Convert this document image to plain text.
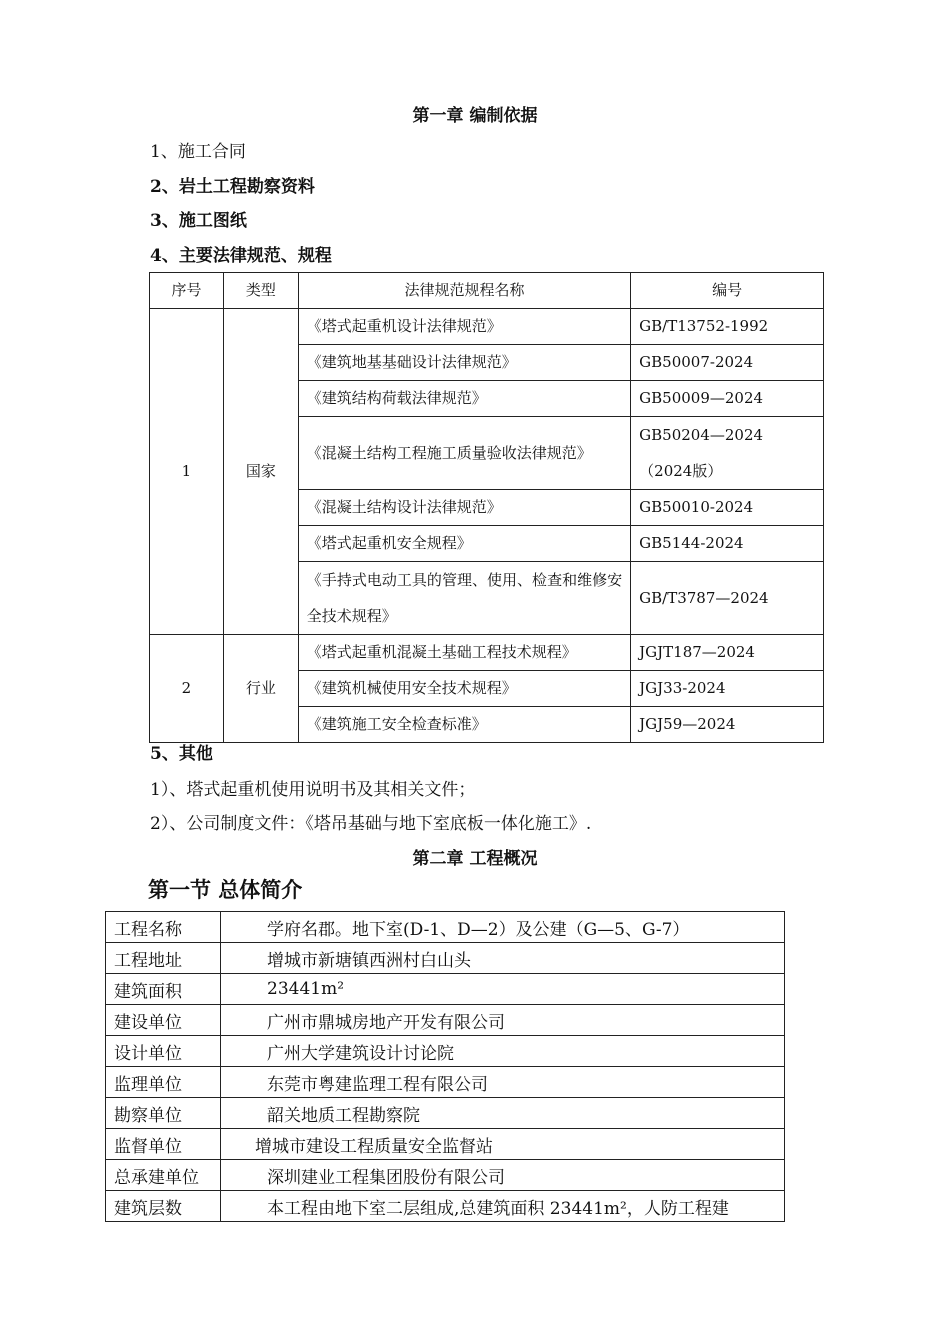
第一章 编制依据
1、施工合同
2、岩土工程勘察资料
3、施工图纸
4、主要法律规范、规程
序号	类型	法律规范规程名称	编号
1	国家	《塔式起重机设计法律规范》	GB/T13752-1992
		《建筑地基基础设计法律规范》	GB50007-2024
		《建筑结构荷载法律规范》	GB50009—2024
		《混凝土结构工程施工质量验收法律规范》	GB50204—2024（2024版）
		《混凝土结构设计法律规范》	GB50010-2024
		《塔式起重机安全规程》	GB5144-2024
		《手持式电动工具的管理、使用、检查和维修安全技术规程》	GB/T3787—2024
2	行业	《塔式起重机混凝土基础工程技术规程》	JGJT187—2024
		《建筑机械使用安全技术规程》	JGJ33-2024
		《建筑施工安全检查标准》	JGJ59—2024
5、其他
1）、塔式起重机使用说明书及其相关文件；
2）、公司制度文件：《塔吊基础与地下室底板一体化施工》.
第二章 工程概况
第一节 总体简介
工程名称	学府名郡。地下室(D-1、D—2）及公建（G—5、G-7）
工程地址	增城市新塘镇西洲村白山头
建筑面积	23441m²
建设单位	广州市鼎城房地产开发有限公司
设计单位	广州大学建筑设计讨论院
监理单位	东莞市粤建监理工程有限公司
勘察单位	韶关地质工程勘察院
监督单位	增城市建设工程质量安全监督站
总承建单位	深圳建业工程集团股份有限公司
建筑层数	本工程由地下室二层组成,总建筑面积 23441m²，人防工程建
